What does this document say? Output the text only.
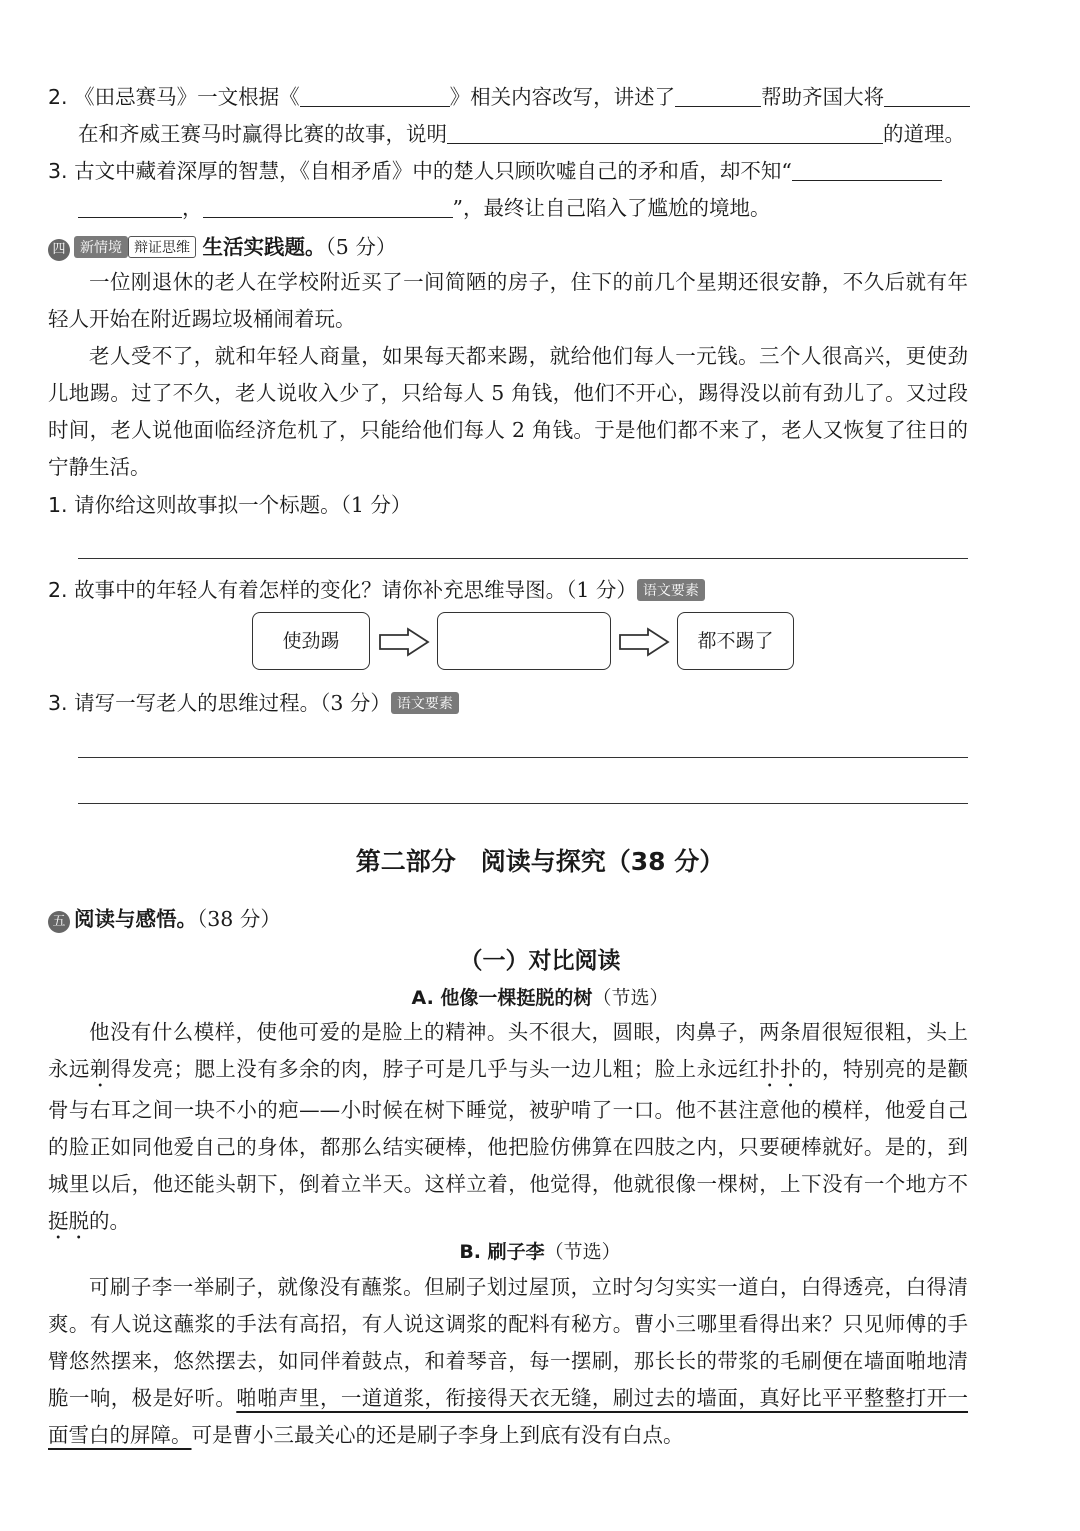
2. 《田忌赛马》一文根据《	》相关内容改写，讲述了	帮助齐国大将
在和齐威王赛马时赢得比赛的故事，说明	的道理。
3. 古文中藏着深厚的智慧，《自相矛盾》中的楚人只顾吹嘘自己的矛和盾，却不知“
，	”，最终让自己陷入了尴尬的境地。
四 新情境 辩证思维 生活实践题。（5 分）
一位刚退休的老人在学校附近买了一间简陋的房子，住下的前几个星期还很安静，不久后就有年轻人开始在附近踢垃圾桶闹着玩。
老人受不了，就和年轻人商量，如果每天都来踢，就给他们每人一元钱。三个人很高兴，更使劲儿地踢。过了不久，老人说收入少了，只给每人 5 角钱，他们不开心，踢得没以前有劲儿了。又过段时间，老人说他面临经济危机了，只能给他们每人 2 角钱。于是他们都不来了，老人又恢复了往日的宁静生活。
1. 请你给这则故事拟一个标题。（1 分）
2. 故事中的年轻人有着怎样的变化？请你补充思维导图。（1 分） 语文要素
使劲踢	都不踢了
3. 请写一写老人的思维过程。（3 分） 语文要素
第二部分　阅读与探究（38 分）
五 阅读与感悟。（38 分）
（一）对比阅读
A. 他像一棵挺脱的树（节选）
他没有什么模样，使他可爱的是脸上的精神。头不很大，圆眼，肉鼻子，两条眉很短很粗，头上永远剃得发亮；腮上没有多余的肉，脖子可是几乎与头一边儿粗；脸上永远红扑扑的，特别亮的是颧骨与右耳之间一块不小的疤——小时候在树下睡觉，被驴啃了一口。他不甚注意他的模样，他爱自己的脸正如同他爱自己的身体，都那么结实硬棒，他把脸仿佛算在四肢之内，只要硬棒就好。是的，到城里以后，他还能头朝下，倒着立半天。这样立着，他觉得，他就很像一棵树，上下没有一个地方不挺脱的。
B. 刷子李（节选）
可刷子李一举刷子，就像没有蘸浆。但刷子划过屋顶，立时匀匀实实一道白，白得透亮，白得清爽。有人说这蘸浆的手法有高招，有人说这调浆的配料有秘方。曹小三哪里看得出来？只见师傅的手臂悠然摆来，悠然摆去，如同伴着鼓点，和着琴音，每一摆刷，那长长的带浆的毛刷便在墙面啪地清脆一响，极是好听。啪啪声里，一道道浆，衔接得天衣无缝，刷过去的墙面，真好比平平整整打开一面雪白的屏障。可是曹小三最关心的还是刷子李身上到底有没有白点。
